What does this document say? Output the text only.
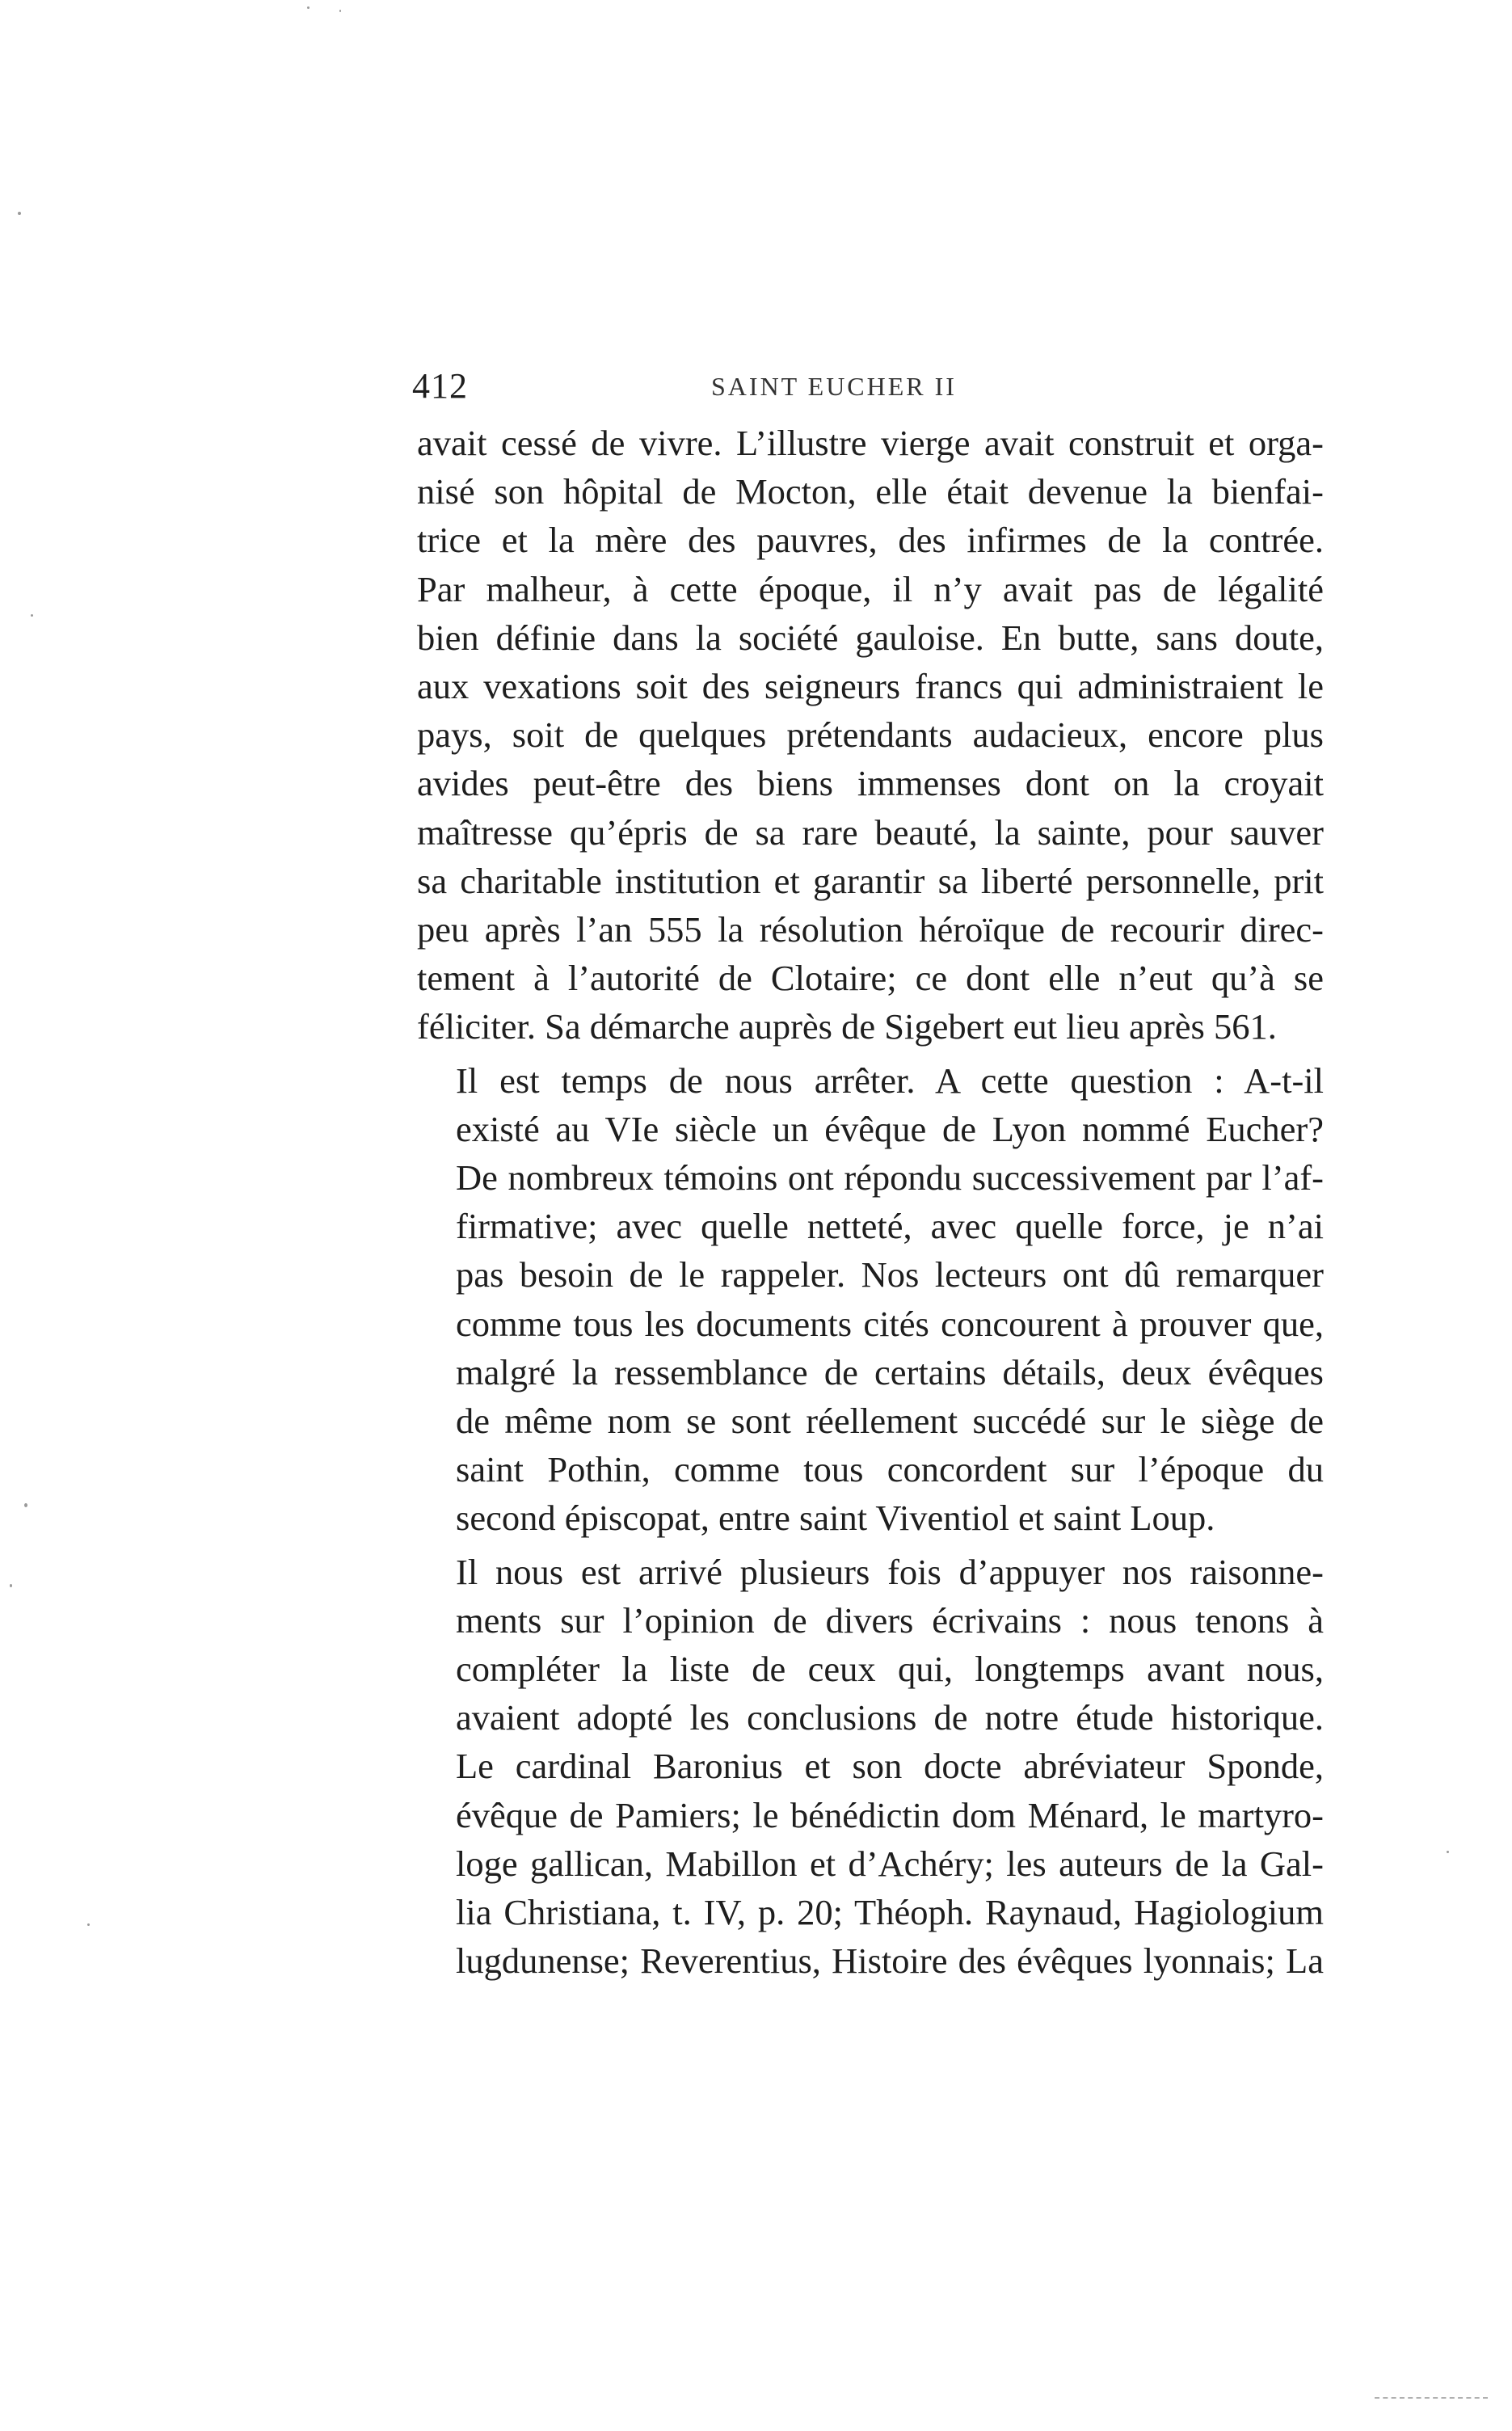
412	SAINT EUCHER II

avait cessé de vivre. L’illustre vierge avait construit et orga-
nisé son hôpital de Mocton, elle était devenue la bienfai-
trice et la mère des pauvres, des infirmes de la contrée.
Par malheur, à cette époque, il n’y avait pas de légalité
bien définie dans la société gauloise. En butte, sans doute,
aux vexations soit des seigneurs francs qui administraient le
pays, soit de quelques prétendants audacieux, encore plus
avides peut-être des biens immenses dont on la croyait
maîtresse qu’épris de sa rare beauté, la sainte, pour sauver
sa charitable institution et garantir sa liberté personnelle, prit
peu après l’an 555 la résolution héroïque de recourir direc-
tement à l’autorité de Clotaire; ce dont elle n’eut qu’à se
féliciter. Sa démarche auprès de Sigebert eut lieu après 561.

Il est temps de nous arrêter. A cette question : A-t-il
existé au VIe siècle un évêque de Lyon nommé Eucher?
De nombreux témoins ont répondu successivement par l’af-
firmative; avec quelle netteté, avec quelle force, je n’ai
pas besoin de le rappeler. Nos lecteurs ont dû remarquer
comme tous les documents cités concourent à prouver que,
malgré la ressemblance de certains détails, deux évêques
de même nom se sont réellement succédé sur le siège de
saint Pothin, comme tous concordent sur l’époque du
second épiscopat, entre saint Viventiol et saint Loup.

Il nous est arrivé plusieurs fois d’appuyer nos raisonne-
ments sur l’opinion de divers écrivains : nous tenons à
compléter la liste de ceux qui, longtemps avant nous,
avaient adopté les conclusions de notre étude historique.
Le cardinal Baronius et son docte abréviateur Sponde,
évêque de Pamiers; le bénédictin dom Ménard, le martyro-
loge gallican, Mabillon et d’Achéry; les auteurs de la Gal-
lia Christiana, t. IV, p. 20; Théoph. Raynaud, Hagiologium
lugdunense; Reverentius, Histoire des évêques lyonnais; La
